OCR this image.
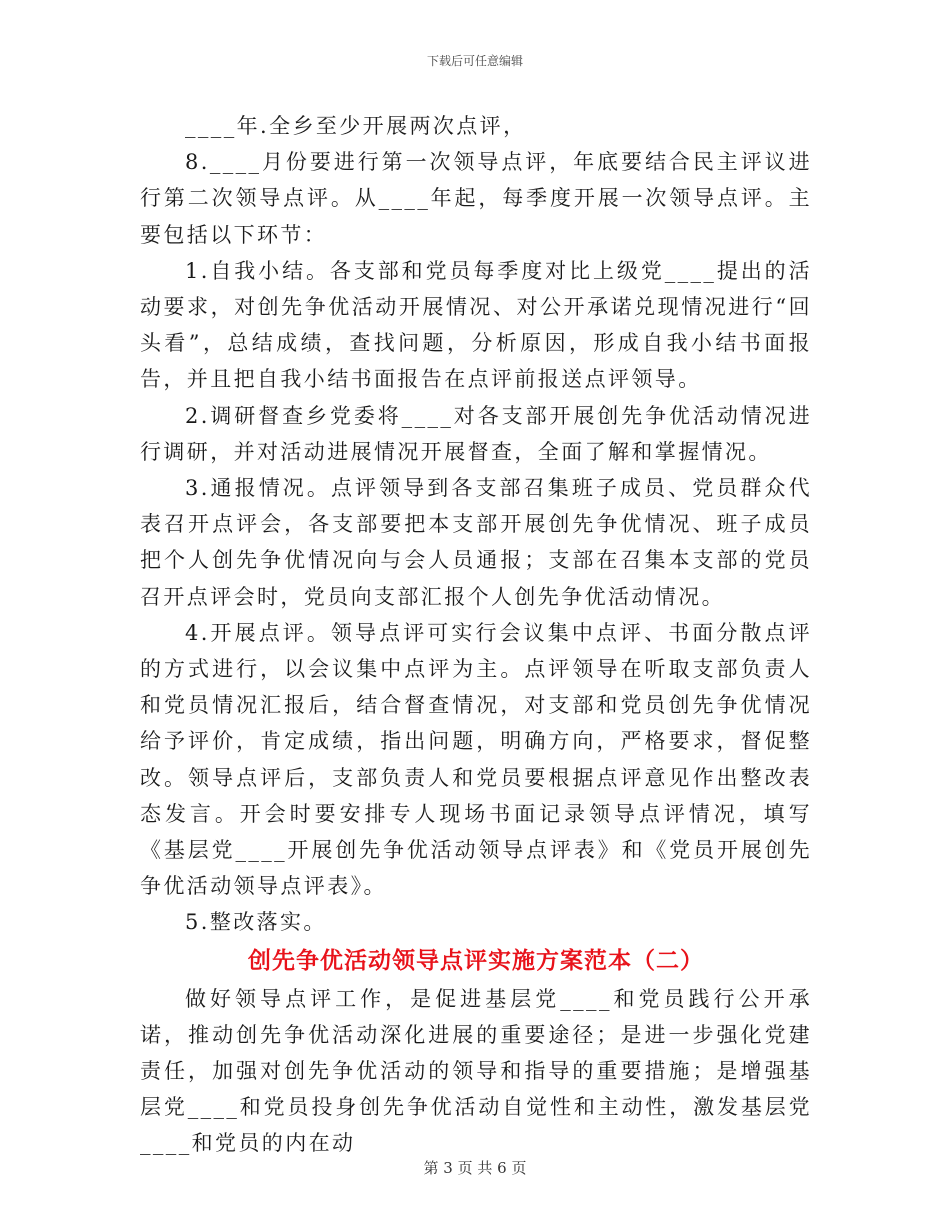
下载后可任意编辑

____年.全乡至少开展两次点评，

8.____月份要进行第一次领导点评，年底要结合民主评议进行第二次领导点评。从____年起，每季度开展一次领导点评。主要包括以下环节：

1.自我小结。各支部和党员每季度对比上级党____提出的活动要求，对创先争优活动开展情况、对公开承诺兑现情况进行“回头看”，总结成绩，查找问题，分析原因，形成自我小结书面报告，并且把自我小结书面报告在点评前报送点评领导。

2.调研督查乡党委将____对各支部开展创先争优活动情况进行调研，并对活动进展情况开展督查，全面了解和掌握情况。

3.通报情况。点评领导到各支部召集班子成员、党员群众代表召开点评会，各支部要把本支部开展创先争优情况、班子成员把个人创先争优情况向与会人员通报；支部在召集本支部的党员召开点评会时，党员向支部汇报个人创先争优活动情况。

4.开展点评。领导点评可实行会议集中点评、书面分散点评的方式进行，以会议集中点评为主。点评领导在听取支部负责人和党员情况汇报后，结合督查情况，对支部和党员创先争优情况给予评价，肯定成绩，指出问题，明确方向，严格要求，督促整改。领导点评后，支部负责人和党员要根据点评意见作出整改表态发言。开会时要安排专人现场书面记录领导点评情况，填写《基层党____开展创先争优活动领导点评表》和《党员开展创先争优活动领导点评表》。

5.整改落实。

创先争优活动领导点评实施方案范本（二）

做好领导点评工作，是促进基层党____和党员践行公开承诺，推动创先争优活动深化进展的重要途径；是进一步强化党建责任，加强对创先争优活动的领导和指导的重要措施；是增强基层党____和党员投身创先争优活动自觉性和主动性，激发基层党____和党员的内在动

第 3 页 共 6 页
